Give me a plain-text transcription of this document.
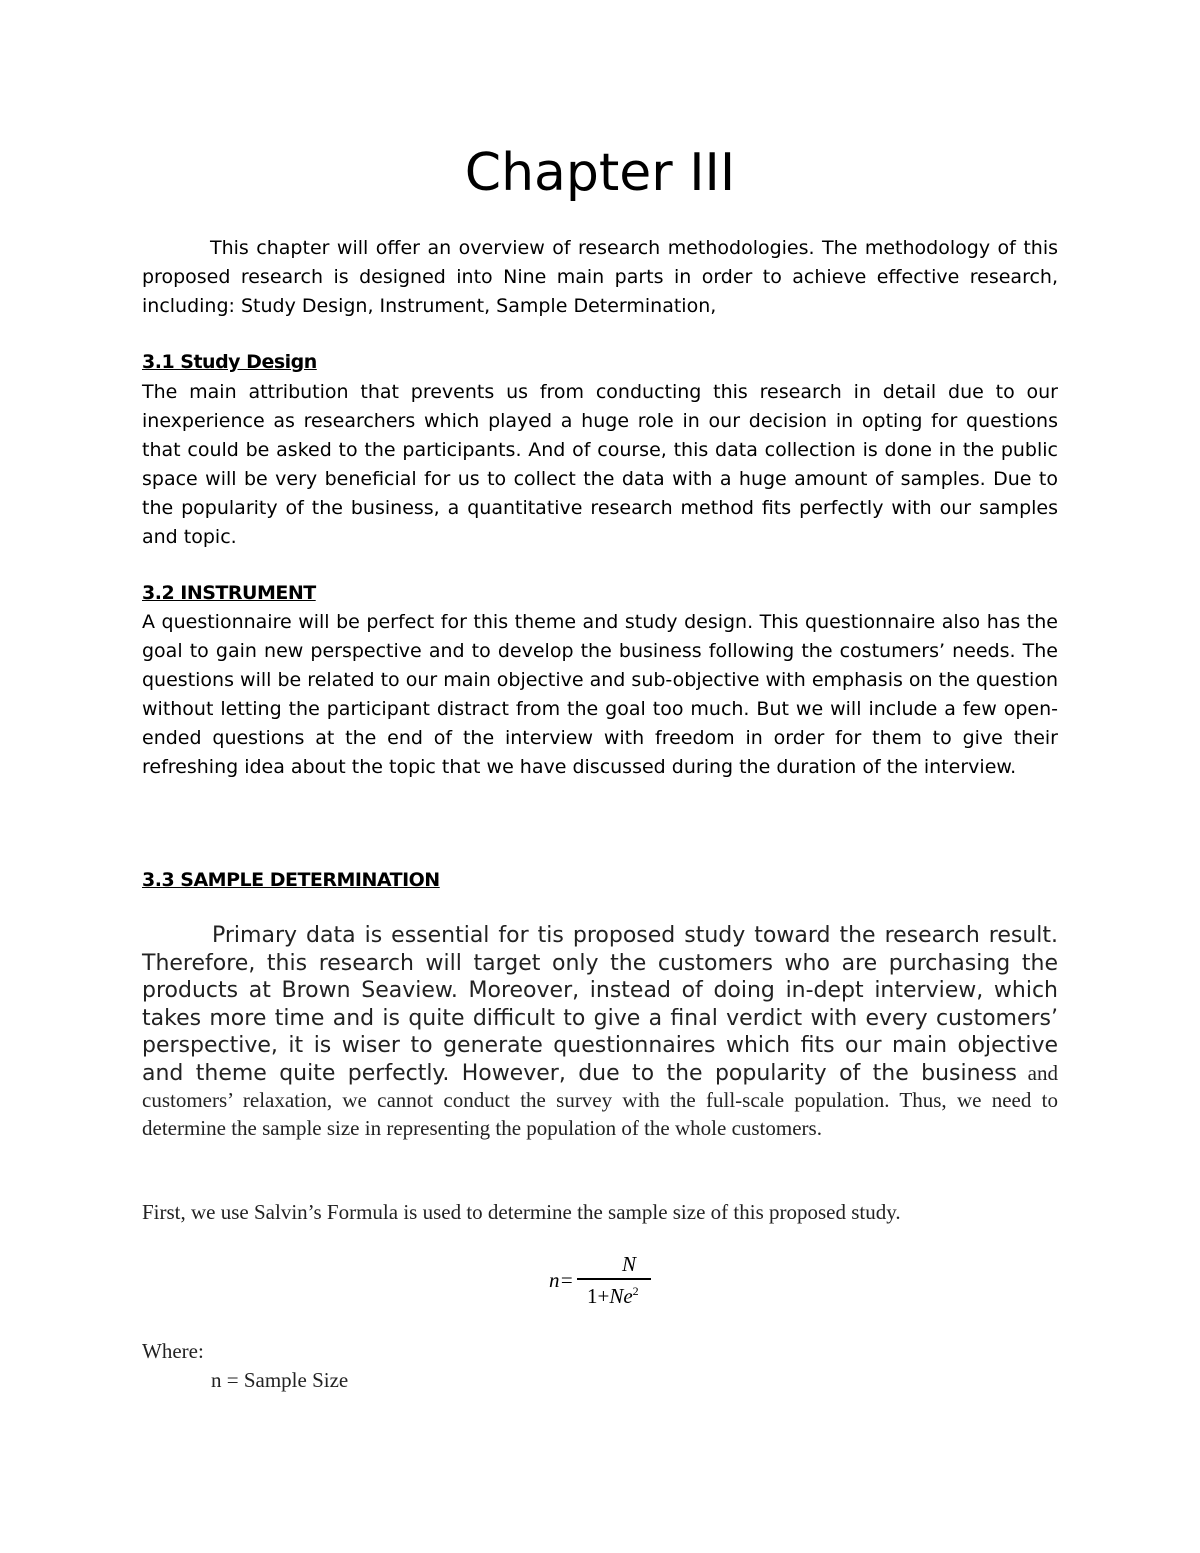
Chapter III
This chapter will offer an overview of research methodologies. The methodology of this proposed research is designed into Nine main parts in order to achieve effective research, including: Study Design, Instrument, Sample Determination,
3.1 Study Design
The main attribution that prevents us from conducting this research in detail due to our inexperience as researchers which played a huge role in our decision in opting for questions that could be asked to the participants. And of course, this data collection is done in the public space will be very beneficial for us to collect the data with a huge amount of samples. Due to the popularity of the business, a quantitative research method fits perfectly with our samples and topic.
3.2 INSTRUMENT
A questionnaire will be perfect for this theme and study design. This questionnaire also has the goal to gain new perspective and to develop the business following the costumers’ needs. The questions will be related to our main objective and sub-objective with emphasis on the question without letting the participant distract from the goal too much. But we will include a few open-ended questions at the end of the interview with freedom in order for them to give their refreshing idea about the topic that we have discussed during the duration of the interview.
3.3 SAMPLE DETERMINATION
Primary data is essential for tis proposed study toward the research result. Therefore, this research will target only the customers who are purchasing the products at Brown Seaview. Moreover, instead of doing in-dept interview, which takes more time and is quite difficult to give a final verdict with every customers’ perspective, it is wiser to generate questionnaires which fits our main objective and theme quite perfectly. However, due to the popularity of the business and customers’ relaxation, we cannot conduct the survey with the full-scale population. Thus, we need to determine the sample size in representing the population of the whole customers.
First, we use Salvin’s Formula is used to determine the sample size of this proposed study.
n=
N
$1+Ne^2$
Where:
n = Sample Size
